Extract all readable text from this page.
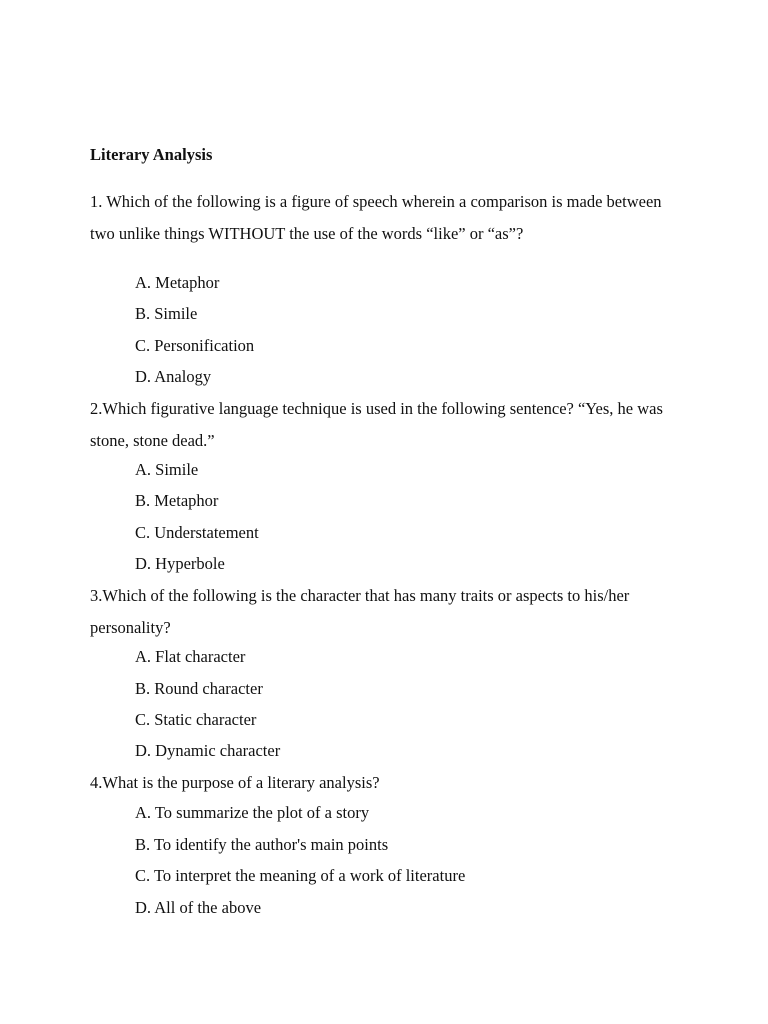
Literary Analysis
1. Which of the following is a figure of speech wherein a comparison is made between two unlike things WITHOUT the use of the words “like” or “as”?
A. Metaphor
B. Simile
C. Personification
D. Analogy
2.Which figurative language technique is used in the following sentence? “Yes, he was stone, stone dead.”
A. Simile
B. Metaphor
C. Understatement
D. Hyperbole
3.Which of the following is the character that has many traits or aspects to his/her personality?
A. Flat character
B. Round character
C. Static character
D. Dynamic character
4.What is the purpose of a literary analysis?
A. To summarize the plot of a story
B. To identify the author's main points
C. To interpret the meaning of a work of literature
D. All of the above
